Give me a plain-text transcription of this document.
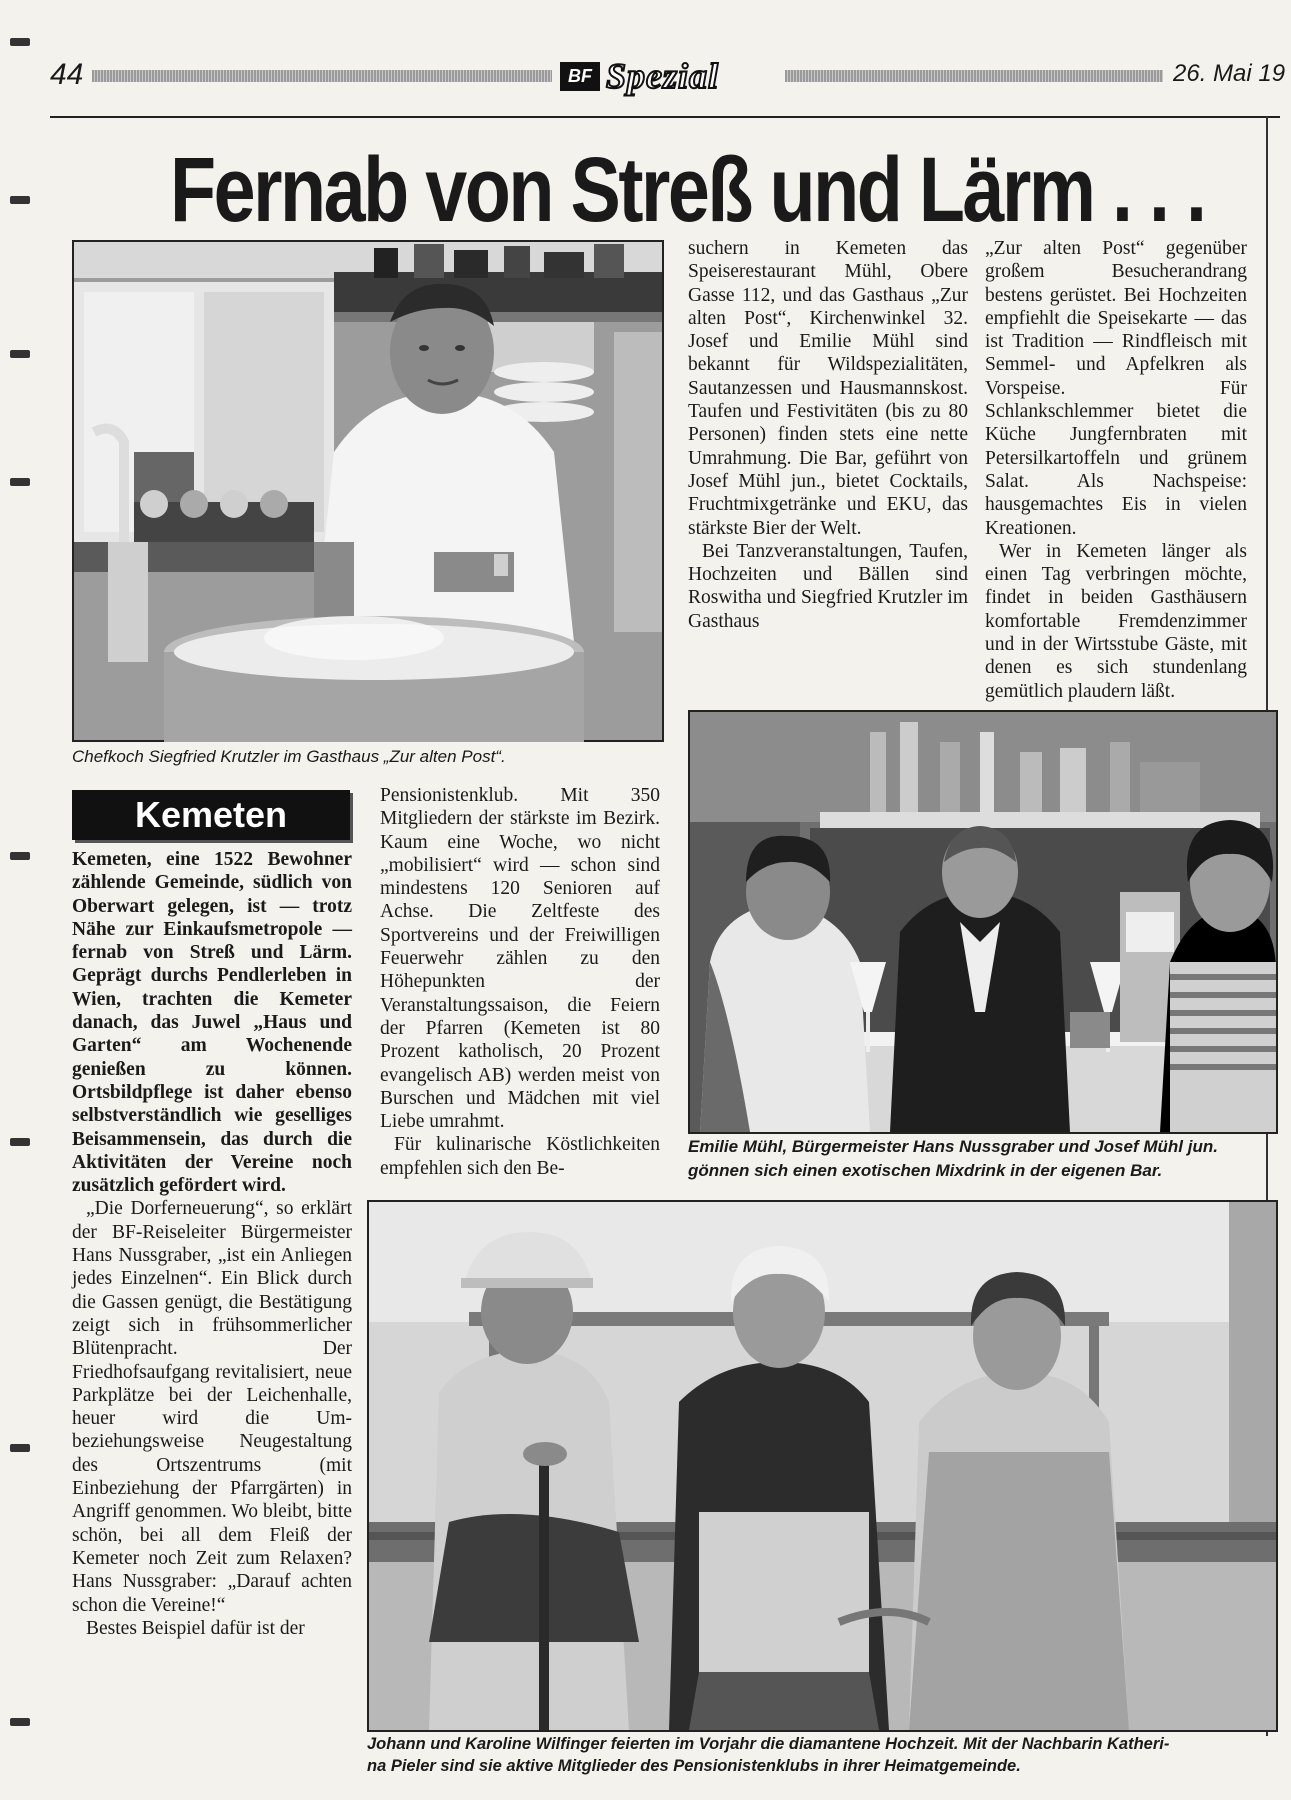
44	BF Spezial	26. Mai 19
Fernab von Streß und Lärm . . .

Chefkoch Siegfried Krutzler im Gasthaus „Zur alten Post“.

suchern in Kemeten das Speiserestaurant Mühl, Obere Gasse 112, und das Gasthaus „Zur alten Post“, Kirchenwinkel 32. Josef und Emilie Mühl sind bekannt für Wildspezialitäten, Sautanzessen und Hausmannskost. Taufen und Festivitäten (bis zu 80 Personen) finden stets eine nette Umrahmung. Die Bar, geführt von Josef Mühl jun., bietet Cocktails, Fruchtmixgetränke und EKU, das stärkste Bier der Welt.

Bei Tanzveranstaltungen, Taufen, Hochzeiten und Bällen sind Roswitha und Siegfried Krutzler im Gasthaus

„Zur alten Post“ gegenüber großem Besucherandrang bestens gerüstet. Bei Hochzeiten empfiehlt die Speisekarte — das ist Tradition — Rindfleisch mit Semmel- und Apfelkren als Vorspeise. Für Schlankschlemmer bietet die Küche Jungfernbraten mit Petersilkartoffeln und grünem Salat. Als Nachspeise: hausgemachtes Eis in vielen Kreationen.

Wer in Kemeten länger als einen Tag verbringen möchte, findet in beiden Gasthäusern komfortable Fremdenzimmer und in der Wirtsstube Gäste, mit denen es sich stundenlang gemütlich plaudern läßt.

Emilie Mühl, Bürgermeister Hans Nussgraber und Josef Mühl jun.
gönnen sich einen exotischen Mixdrink in der eigenen Bar.

Kemeten

Kemeten, eine 1522 Bewohner zählende Gemeinde, südlich von Oberwart gelegen, ist — trotz Nähe zur Einkaufsmetropole — fernab von Streß und Lärm. Geprägt durchs Pendlerleben in Wien, trachten die Kemeter danach, das Juwel „Haus und Garten“ am Wochenende genießen zu können. Ortsbildpflege ist daher ebenso selbstverständlich wie geselliges Beisammensein, das durch die Aktivitäten der Vereine noch zusätzlich gefördert wird.

„Die Dorferneuerung“, so erklärt der BF-Reiseleiter Bürgermeister Hans Nussgraber, „ist ein Anliegen jedes Einzelnen“. Ein Blick durch die Gassen genügt, die Bestätigung zeigt sich in frühsommerlicher Blütenpracht. Der Friedhofsaufgang revitalisiert, neue Parkplätze bei der Leichenhalle, heuer wird die Um- beziehungsweise Neugestaltung des Ortszentrums (mit Einbeziehung der Pfarrgärten) in Angriff genommen. Wo bleibt, bitte schön, bei all dem Fleiß der Kemeter noch Zeit zum Relaxen? Hans Nussgraber: „Darauf achten schon die Vereine!“

Bestes Beispiel dafür ist der

Pensionistenklub. Mit 350 Mitgliedern der stärkste im Bezirk. Kaum eine Woche, wo nicht „mobilisiert“ wird — schon sind mindestens 120 Senioren auf Achse. Die Zeltfeste des Sportvereins und der Freiwilligen Feuerwehr zählen zu den Höhepunkten der Veranstaltungssaison, die Feiern der Pfarren (Kemeten ist 80 Prozent katholisch, 20 Prozent evangelisch AB) werden meist von Burschen und Mädchen mit viel Liebe umrahmt.

Für kulinarische Köstlichkeiten empfehlen sich den Be-

Johann und Karoline Wilfinger feierten im Vorjahr die diamantene Hochzeit. Mit der Nachbarin Katheri-
na Pieler sind sie aktive Mitglieder des Pensionistenklubs in ihrer Heimatgemeinde.
